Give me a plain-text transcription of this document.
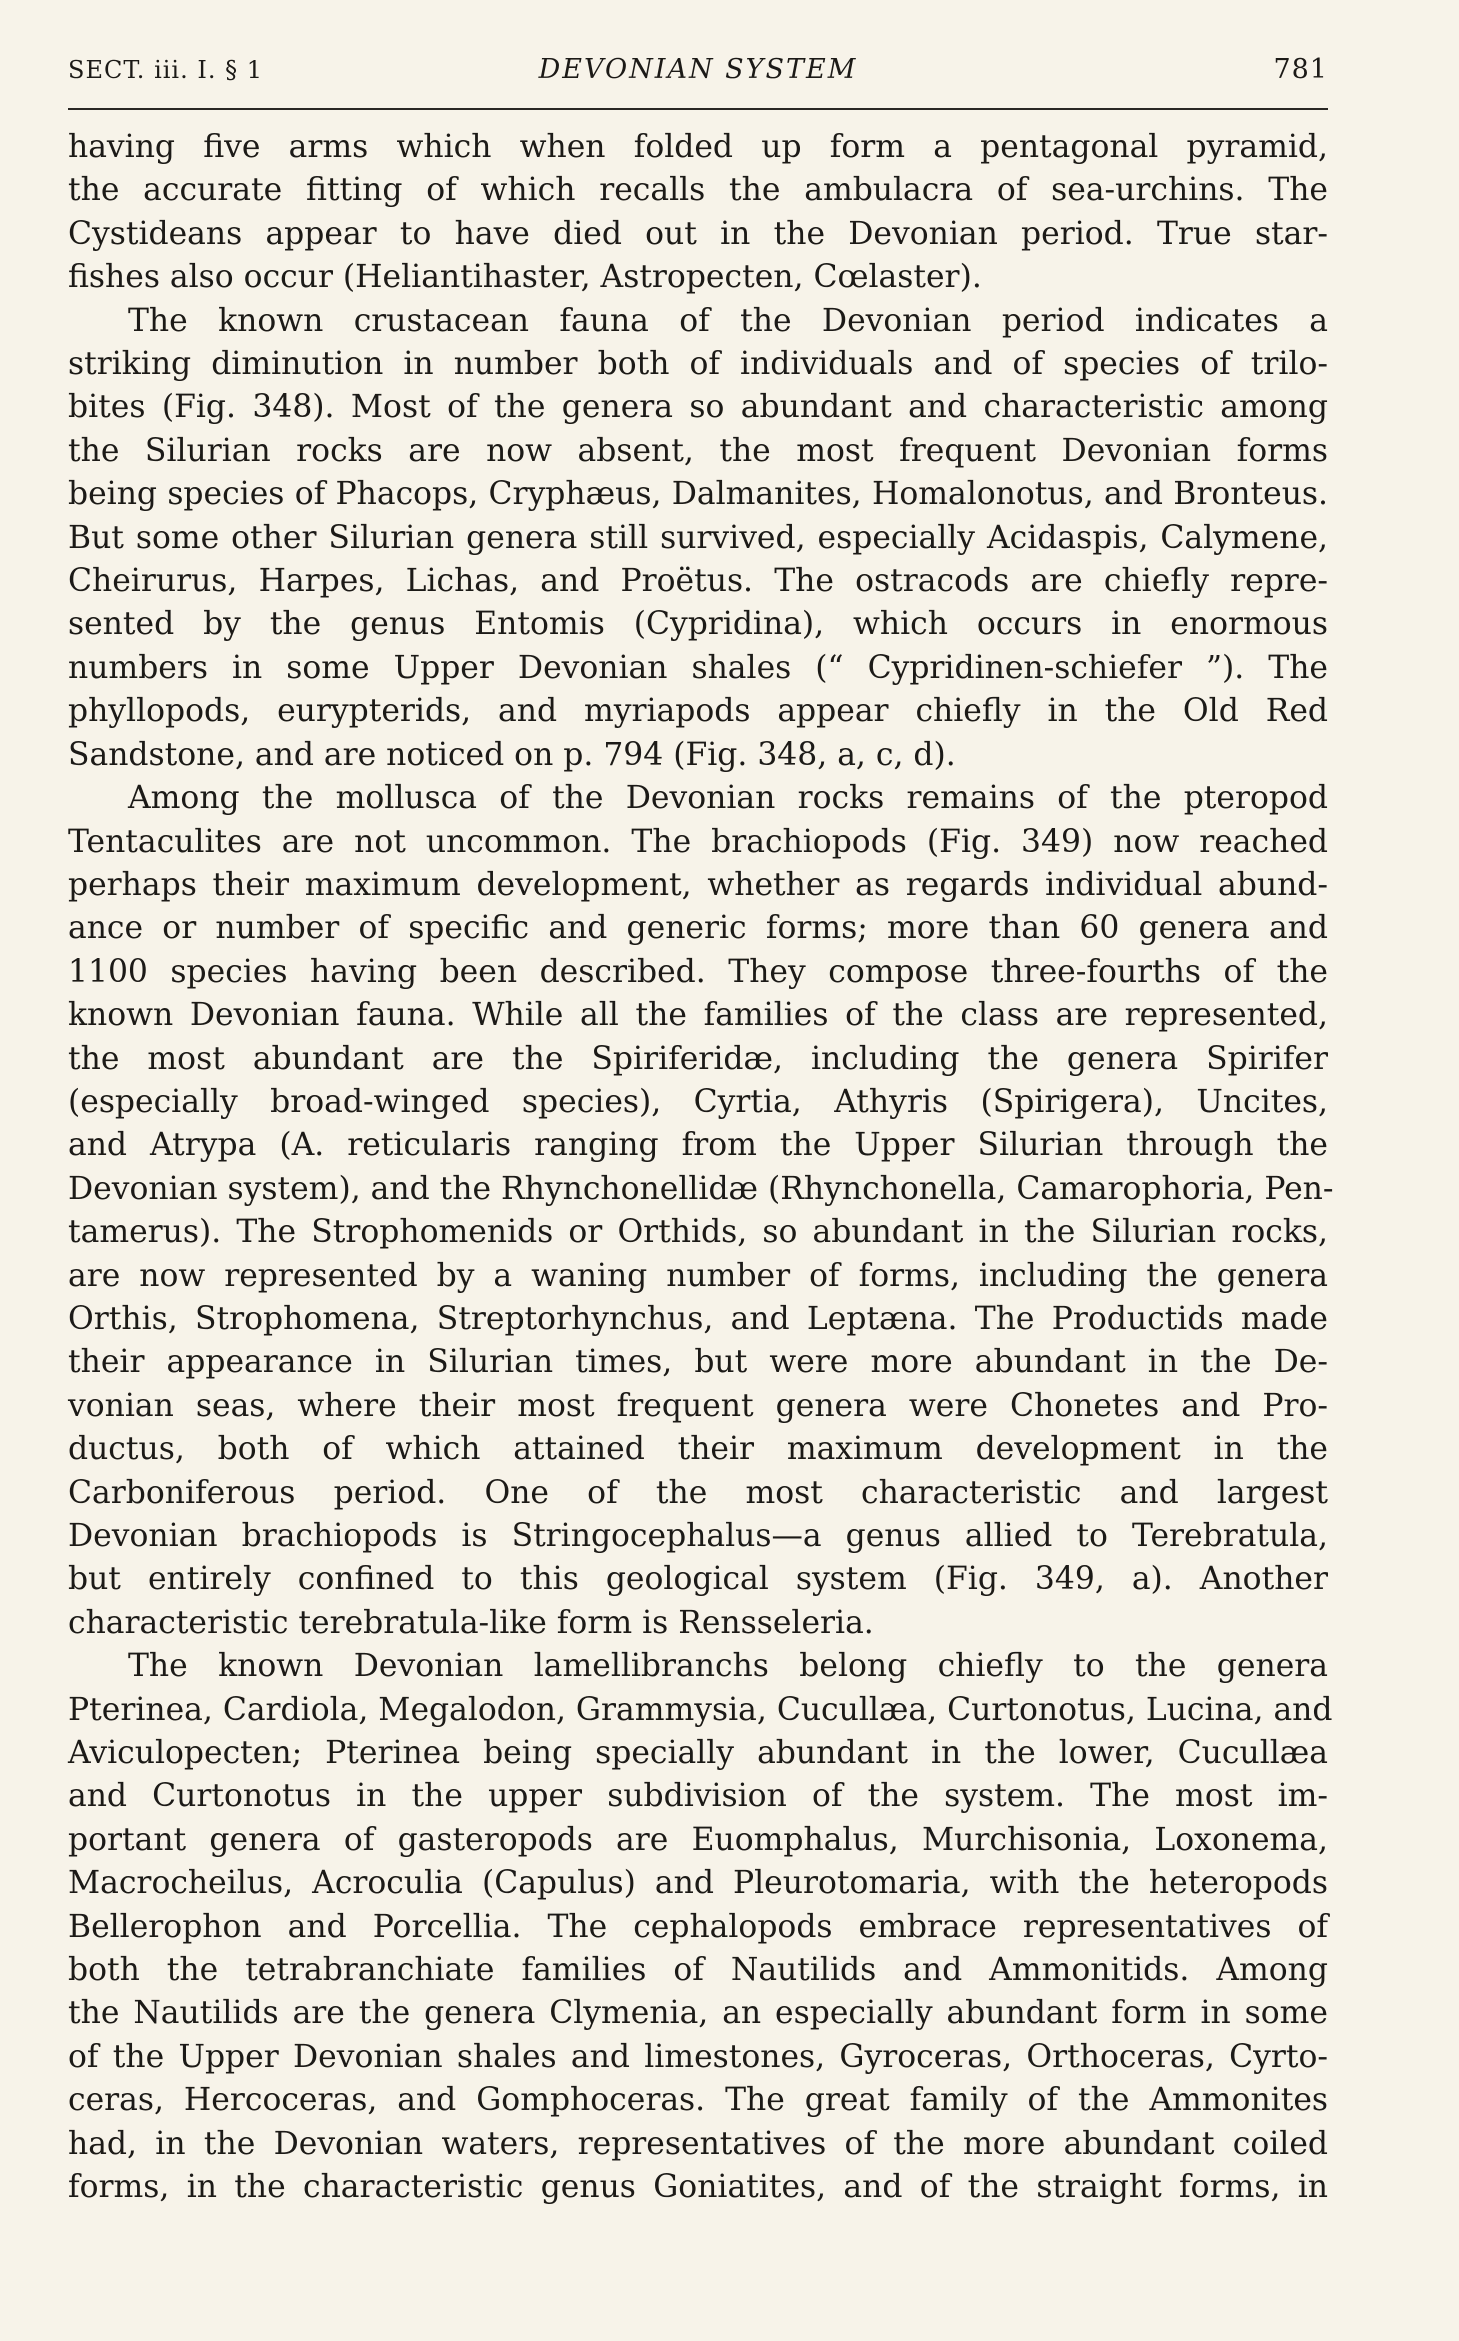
SECT. iii. I. § 1	DEVONIAN SYSTEM	781
having five arms which when folded up form a pentagonal pyramid,
the accurate fitting of which recalls the ambulacra of sea-urchins. The
Cystideans appear to have died out in the Devonian period. True star-
fishes also occur (Heliantihaster, Astropecten, Cœlaster).
The known crustacean fauna of the Devonian period indicates a
striking diminution in number both of individuals and of species of trilo-
bites (Fig. 348). Most of the genera so abundant and characteristic among
the Silurian rocks are now absent, the most frequent Devonian forms
being species of Phacops, Cryphæus, Dalmanites, Homalonotus, and Bronteus.
But some other Silurian genera still survived, especially Acidaspis, Calymene,
Cheirurus, Harpes, Lichas, and Proëtus. The ostracods are chiefly repre-
sented by the genus Entomis (Cypridina), which occurs in enormous
numbers in some Upper Devonian shales (“ Cypridinen-schiefer ”). The
phyllopods, eurypterids, and myriapods appear chiefly in the Old Red
Sandstone, and are noticed on p. 794 (Fig. 348, a, c, d).
Among the mollusca of the Devonian rocks remains of the pteropod
Tentaculites are not uncommon. The brachiopods (Fig. 349) now reached
perhaps their maximum development, whether as regards individual abund-
ance or number of specific and generic forms; more than 60 genera and
1100 species having been described. They compose three-fourths of the
known Devonian fauna. While all the families of the class are represented,
the most abundant are the Spiriferidæ, including the genera Spirifer
(especially broad-winged species), Cyrtia, Athyris (Spirigera), Uncites,
and Atrypa (A. reticularis ranging from the Upper Silurian through the
Devonian system), and the Rhynchonellidæ (Rhynchonella, Camarophoria, Pen-
tamerus). The Strophomenids or Orthids, so abundant in the Silurian rocks,
are now represented by a waning number of forms, including the genera
Orthis, Strophomena, Streptorhynchus, and Leptæna. The Productids made
their appearance in Silurian times, but were more abundant in the De-
vonian seas, where their most frequent genera were Chonetes and Pro-
ductus, both of which attained their maximum development in the
Carboniferous period. One of the most characteristic and largest
Devonian brachiopods is Stringocephalus—a genus allied to Terebratula,
but entirely confined to this geological system (Fig. 349, a). Another
characteristic terebratula-like form is Rensseleria.
The known Devonian lamellibranchs belong chiefly to the genera
Pterinea, Cardiola, Megalodon, Grammysia, Cucullæa, Curtonotus, Lucina, and
Aviculopecten; Pterinea being specially abundant in the lower, Cucullæa
and Curtonotus in the upper subdivision of the system. The most im-
portant genera of gasteropods are Euomphalus, Murchisonia, Loxonema,
Macrocheilus, Acroculia (Capulus) and Pleurotomaria, with the heteropods
Bellerophon and Porcellia. The cephalopods embrace representatives of
both the tetrabranchiate families of Nautilids and Ammonitids. Among
the Nautilids are the genera Clymenia, an especially abundant form in some
of the Upper Devonian shales and limestones, Gyroceras, Orthoceras, Cyrto-
ceras, Hercoceras, and Gomphoceras. The great family of the Ammonites
had, in the Devonian waters, representatives of the more abundant coiled
forms, in the characteristic genus Goniatites, and of the straight forms, in
